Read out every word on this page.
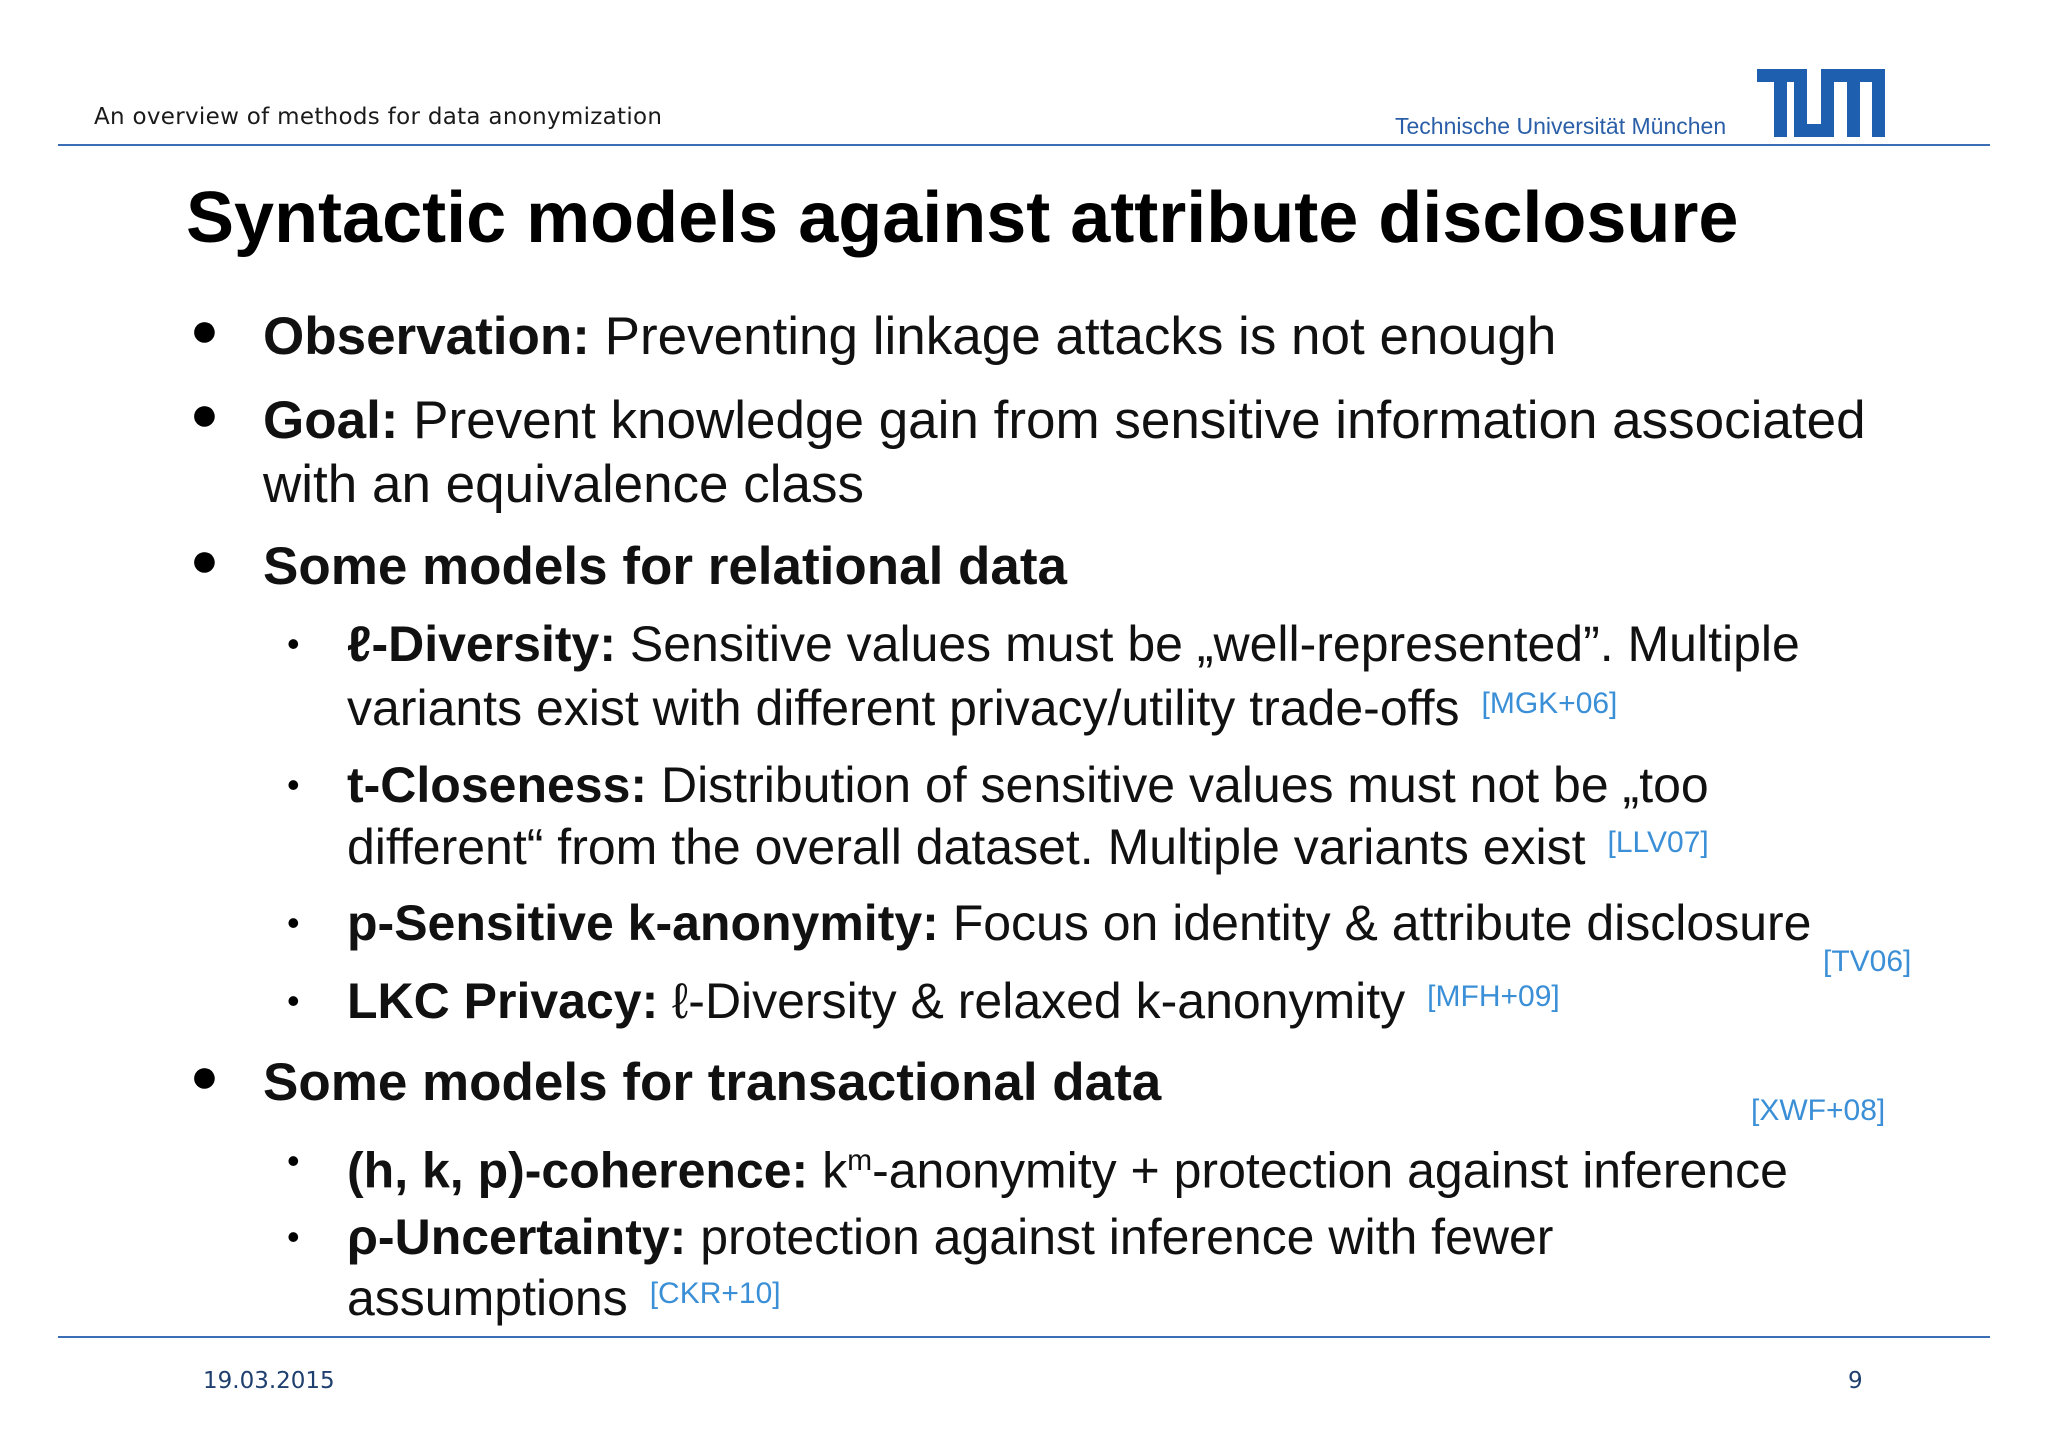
An overview of methods for data anonymization	Technische Universität München
Syntactic models against attribute disclosure
● Observation: Preventing linkage attacks is not enough
● Goal: Prevent knowledge gain from sensitive information associated
with an equivalence class
● Some models for relational data
• ℓ-Diversity: Sensitive values must be „well-represented”. Multiple
variants exist with different privacy/utility trade-offs [MGK+06]
• t-Closeness: Distribution of sensitive values must not be „too
different“ from the overall dataset. Multiple variants exist [LLV07]
• p-Sensitive k-anonymity: Focus on identity & attribute disclosure
[TV06]
• LKC Privacy: ℓ-Diversity & relaxed k-anonymity [MFH+09]
● Some models for transactional data	[XWF+08]
• (h, k, p)-coherence: $k^m$-anonymity + protection against inference
• ρ-Uncertainty: protection against inference with fewer
assumptions [CKR+10]
19.03.2015	9
